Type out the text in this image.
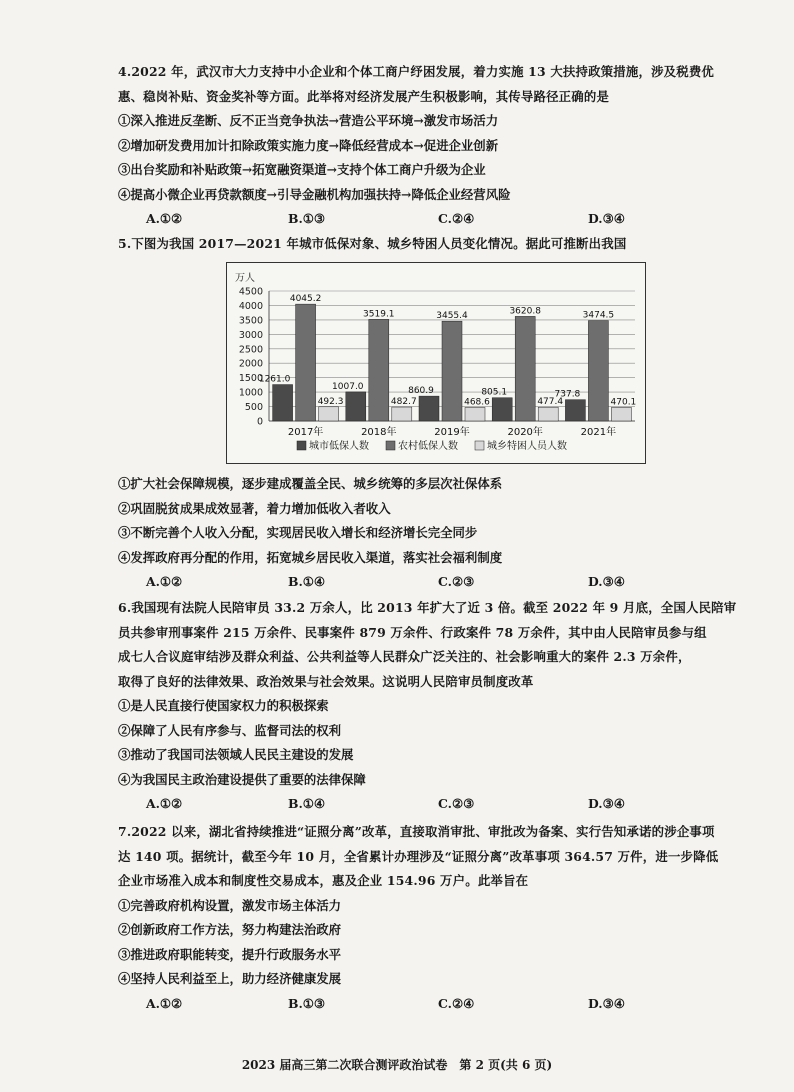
4.2022 年，武汉市大力支持中小企业和个体工商户纾困发展，着力实施 13 大扶持政策措施，涉及税费优
惠、稳岗补贴、资金奖补等方面。此举将对经济发展产生积极影响，其传导路径正确的是
①深入推进反垄断、反不正当竞争执法→营造公平环境→激发市场活力
②增加研发费用加计扣除政策实施力度→降低经营成本→促进企业创新
③出台奖励和补贴政策→拓宽融资渠道→支持个体工商户升级为企业
④提高小微企业再贷款额度→引导金融机构加强扶持→降低企业经营风险
A.①②	B.①③	C.②④	D.③④
5.下图为我国 2017—2021 年城市低保对象、城乡特困人员变化情况。据此可推断出我国
万人
0
500
1000
1500
2000
2500
3000
3500
4000
4500
1261.0
4045.2
492.3
2017年
1007.0
3519.1
482.7
2018年
860.9
3455.4
468.6
2019年
805.1
3620.8
477.4
2020年
737.8
3474.5
470.1
2021年
城市低保人数	农村低保人数	城乡特困人员人数
①扩大社会保障规模，逐步建成覆盖全民、城乡统筹的多层次社保体系
②巩固脱贫成果成效显著，着力增加低收入者收入
③不断完善个人收入分配，实现居民收入增长和经济增长完全同步
④发挥政府再分配的作用，拓宽城乡居民收入渠道，落实社会福利制度
A.①②	B.①④	C.②③	D.③④
6.我国现有法院人民陪审员 33.2 万余人，比 2013 年扩大了近 3 倍。截至 2022 年 9 月底，全国人民陪审
员共参审刑事案件 215 万余件、民事案件 879 万余件、行政案件 78 万余件，其中由人民陪审员参与组
成七人合议庭审结涉及群众利益、公共利益等人民群众广泛关注的、社会影响重大的案件 2.3 万余件，
取得了良好的法律效果、政治效果与社会效果。这说明人民陪审员制度改革
①是人民直接行使国家权力的积极探索
②保障了人民有序参与、监督司法的权利
③推动了我国司法领域人民民主建设的发展
④为我国民主政治建设提供了重要的法律保障
A.①②	B.①④	C.②③	D.③④
7.2022 以来，湖北省持续推进“证照分离”改革，直接取消审批、审批改为备案、实行告知承诺的涉企事项
达 140 项。据统计，截至今年 10 月，全省累计办理涉及“证照分离”改革事项 364.57 万件，进一步降低
企业市场准入成本和制度性交易成本，惠及企业 154.96 万户。此举旨在
①完善政府机构设置，激发市场主体活力
②创新政府工作方法，努力构建法治政府
③推进政府职能转变，提升行政服务水平
④坚持人民利益至上，助力经济健康发展
A.①②	B.①③	C.②④	D.③④
2023 届高三第二次联合测评政治试卷　第 2 页(共 6 页)
